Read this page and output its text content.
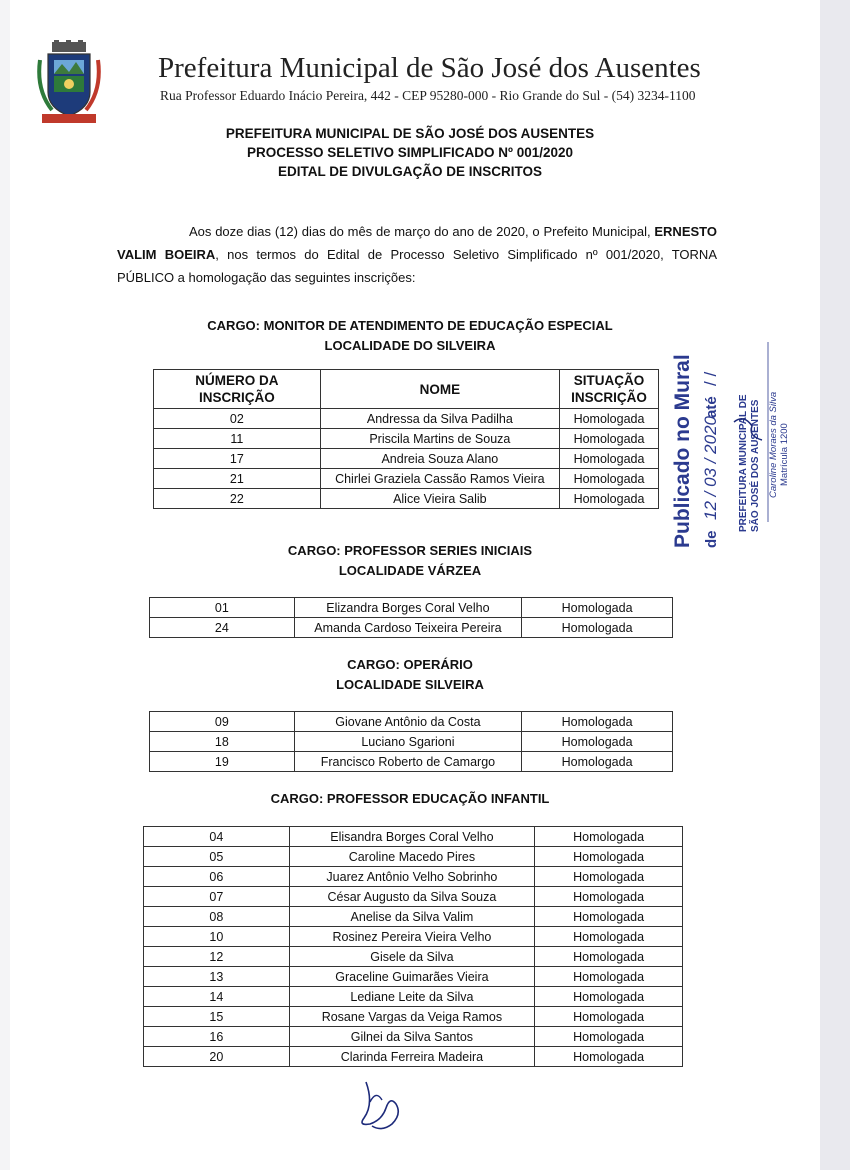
Prefeitura Municipal de São José dos Ausentes
Rua Professor Eduardo Inácio Pereira, 442 - CEP 95280-000 - Rio Grande do Sul - (54) 3234-1100
PREFEITURA MUNICIPAL DE SÃO JOSÉ DOS AUSENTES
PROCESSO SELETIVO SIMPLIFICADO Nº 001/2020
EDITAL DE DIVULGAÇÃO DE INSCRITOS
Aos doze dias (12) dias do mês de março do ano de 2020, o Prefeito Municipal, ERNESTO VALIM BOEIRA, nos termos do Edital de Processo Seletivo Simplificado nº 001/2020, TORNA PÚBLICO a homologação das seguintes inscrições:
CARGO: MONITOR DE ATENDIMENTO DE EDUCAÇÃO ESPECIAL
LOCALIDADE DO SILVEIRA
NÚMERO DA INSCRIÇÃO	NOME	SITUAÇÃO INSCRIÇÃO
02	Andressa da Silva Padilha	Homologada
11	Priscila Martins de Souza	Homologada
17	Andreia Souza Alano	Homologada
21	Chirlei Graziela Cassão Ramos Vieira	Homologada
22	Alice Vieira Salib	Homologada
CARGO: PROFESSOR SERIES INICIAIS
LOCALIDADE VÁRZEA
01	Elizandra Borges Coral Velho	Homologada
24	Amanda Cardoso Teixeira Pereira	Homologada
CARGO: OPERÁRIO
LOCALIDADE SILVEIRA
09	Giovane Antônio da Costa	Homologada
18	Luciano Sgarioni	Homologada
19	Francisco Roberto de Camargo	Homologada
CARGO: PROFESSOR EDUCAÇÃO INFANTIL
04	Elisandra Borges Coral Velho	Homologada
05	Caroline Macedo Pires	Homologada
06	Juarez Antônio Velho Sobrinho	Homologada
07	César Augusto da Silva Souza	Homologada
08	Anelise da Silva Valim	Homologada
10	Rosinez Pereira Vieira Velho	Homologada
12	Gisele da Silva	Homologada
13	Graceline Guimarães Vieira	Homologada
14	Lediane Leite da Silva	Homologada
15	Rosane Vargas da Veiga Ramos	Homologada
16	Gilnei da Silva Santos	Homologada
20	Clarinda Ferreira Madeira	Homologada
Publicado no Mural de
12 / 03 / 2020
até
/ /
PREFEITURA MUNICIPAL DE SÃO JOSÉ DOS AUSENTES Caroline Moraes da Silva Matrícula 1200
